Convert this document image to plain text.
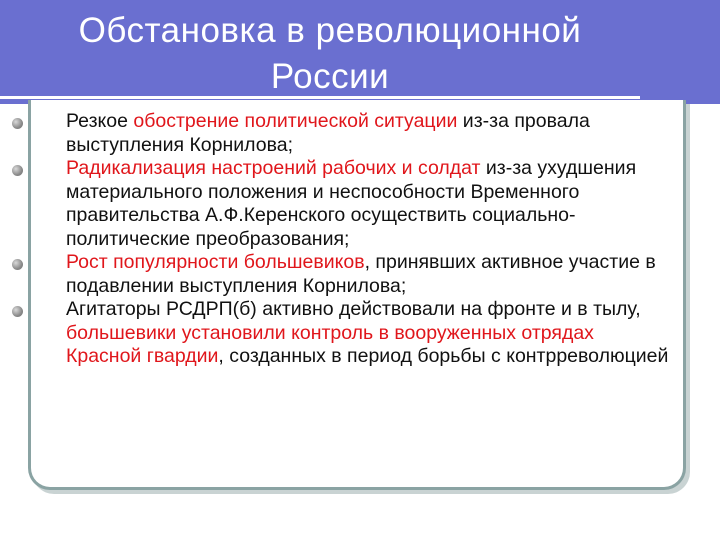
Обстановка в революционной
России
Резкое обострение политической ситуации из-за провала выступления Корнилова;
Радикализация настроений рабочих и солдат из-за ухудшения материального положения и неспособности Временного правительства А.Ф.Керенского осуществить социально-политические преобразования;
Рост популярности большевиков, принявших активное участие в подавлении выступления Корнилова;
Агитаторы РСДРП(б) активно действовали на фронте и в тылу, большевики установили контроль в вооруженных отрядах Красной гвардии, созданных в период борьбы с контрреволюцией
